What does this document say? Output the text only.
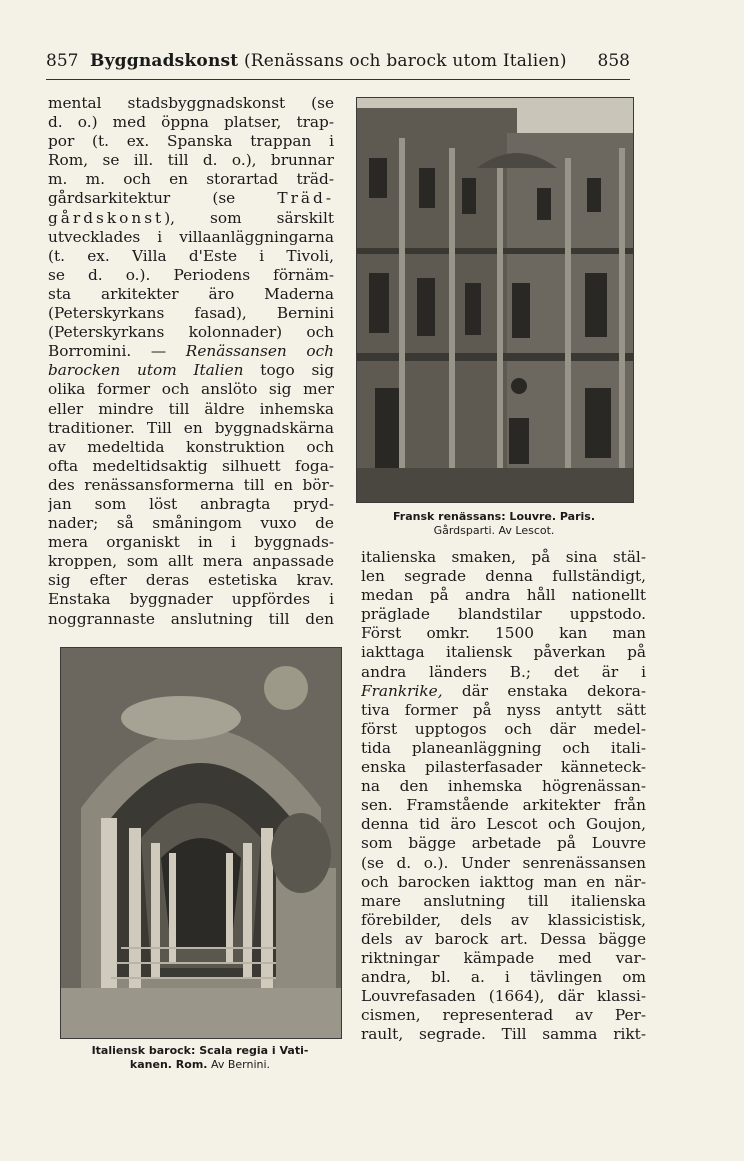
857 Byggnadskonst (Renässans och barock utom Italien) 858
mental stadsbyggnadskonst (se
d. o.) med öppna platser, trap-
por (t. ex. Spanska trappan i
Rom, se ill. till d. o.), brunnar
m. m. och en storartad träd-
gårdsarkitektur (se	Träd-
gårdskonst), som särskilt
utvecklades i villaanläggningarna
(t. ex. Villa d'Este i Tivoli,
se d. o.). Periodens förnäm-
sta arkitekter äro Maderna
(Peterskyrkans fasad), Bernini
(Peterskyrkans kolonnader) och
Borromini. — Renässansen och
barocken utom Italien togo sig
olika former och anslöto sig mer
eller mindre till äldre inhemska
traditioner. Till en byggnadskärna
av medeltida konstruktion och
ofta medeltidsaktig silhuett foga-
des renässansformerna till en bör-
jan som löst anbragta pryd-
nader; så småningom vuxo de
mera organiskt in i byggnads-
kroppen, som allt mera anpassade
sig efter deras estetiska krav.
Enstaka byggnader uppfördes i
noggrannaste anslutning till den
Fransk renässans: Louvre. Paris.
Gårdsparti. Av Lescot.
Italiensk barock: Scala regia i Vati-
kanen. Rom. Av Bernini.
italienska smaken, på sina stäl-
len segrade denna fullständigt,
medan på andra håll nationellt
präglade blandstilar uppstodo.
Först omkr. 1500 kan man
iakttaga italiensk påverkan på
andra länders B.; det är i
Frankrike, där enstaka dekora-
tiva former på nyss antytt sätt
först upptogos och där medel-
tida planeanläggning och itali-
enska pilasterfasader känneteck-
na den inhemska högrenässan-
sen. Framstående arkitekter från
denna tid äro Lescot och Goujon,
som bägge arbetade på Louvre
(se d. o.). Under senrenässansen
och barocken iakttog man en när-
mare anslutning till italienska
förebilder, dels av klassicistisk,
dels av barock art. Dessa bägge
riktningar kämpade med var-
andra, bl. a. i tävlingen om
Louvrefasaden (1664), där klassi-
cismen, representerad av Per-
rault, segrade. Till samma rikt-
